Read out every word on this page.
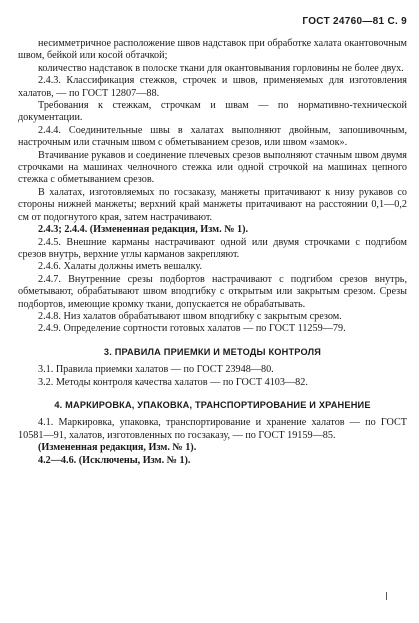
ГОСТ 24760—81 С. 9

несимметричное расположение швов надставок при обработке халата окантовочным швом, бейкой или косой обтачкой;

количество надставок в полоске ткани для окантовывания горловины не более двух.

2.4.3. Классификация стежков, строчек и швов, применяемых для изготовления халатов, — по ГОСТ 12807—88.

Требования к стежкам, строчкам и швам — по нормативно-технической документации.

2.4.4. Соединительные швы в халатах выполняют двойным, запошивочным, настрочным или стачным швом с обметыванием срезов, или швом «замок».

Втачивание рукавов и соединение плечевых срезов выполняют стачным швом двумя строчками на машинах челночного стежка или одной строчкой на машинах цепного стежка с обметыванием срезов.

В халатах, изготовляемых по госзаказу, манжеты притачивают к низу рукавов со стороны нижней манжеты; верхний край манжеты притачивают на расстоянии 0,1—0,2 см от подогнутого края, затем настрачивают.

2.4.3; 2.4.4. (Измененная редакция, Изм. № 1).

2.4.5. Внешние карманы настрачивают одной или двумя строчками с подгибом срезов внутрь, верхние углы карманов закрепляют.

2.4.6. Халаты должны иметь вешалку.

2.4.7. Внутренние срезы подбортов настрачивают с подгибом срезов внутрь, обметывают, обрабатывают швом вподгибку с открытым или закрытым срезом. Срезы подбортов, имеющие кромку ткани, допускается не обрабатывать.

2.4.8. Низ халатов обрабатывают швом вподгибку с закрытым срезом.

2.4.9. Определение сортности готовых халатов — по ГОСТ 11259—79.

3. ПРАВИЛА ПРИЕМКИ И МЕТОДЫ КОНТРОЛЯ

3.1. Правила приемки халатов — по ГОСТ 23948—80.

3.2. Методы контроля качества халатов — по ГОСТ 4103—82.

4. МАРКИРОВКА, УПАКОВКА, ТРАНСПОРТИРОВАНИЕ И ХРАНЕНИЕ

4.1. Маркировка, упаковка, транспортирование и хранение халатов — по ГОСТ 10581—91, халатов, изготовленных по госзаказу, — по ГОСТ 19159—85.

(Измененная редакция, Изм. № 1).

4.2—4.6. (Исключены, Изм. № 1).
